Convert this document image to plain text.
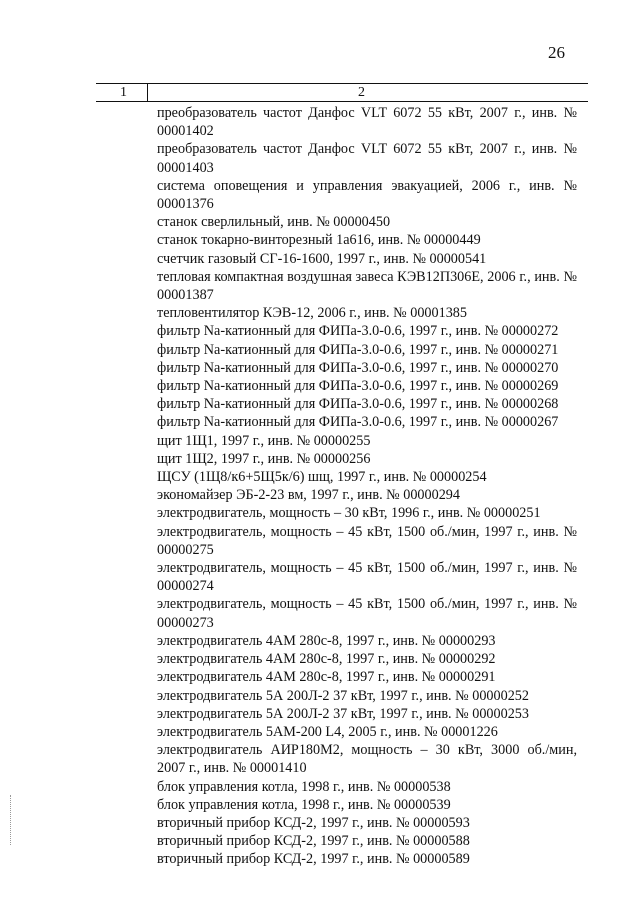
26
1	2
преобразователь частот Данфос VLT 6072 55 кВт, 2007 г., инв. № 00001402
преобразователь частот Данфос VLT 6072 55 кВт, 2007 г., инв. № 00001403
система оповещения и управления эвакуацией, 2006 г., инв. № 00001376
станок сверлильный, инв. № 00000450
станок токарно-винторезный 1а616, инв. № 00000449
счетчик газовый СГ-16-1600, 1997 г., инв. № 00000541
тепловая компактная воздушная завеса КЭВ12П306Е, 2006 г., инв. № 00001387
тепловентилятор КЭВ-12, 2006 г., инв. № 00001385
фильтр Na-катионный для ФИПа-3.0-0.6, 1997 г., инв. № 00000272
фильтр Na-катионный для ФИПа-3.0-0.6, 1997 г., инв. № 00000271
фильтр Na-катионный для ФИПа-3.0-0.6, 1997 г., инв. № 00000270
фильтр Na-катионный для ФИПа-3.0-0.6, 1997 г., инв. № 00000269
фильтр Na-катионный для ФИПа-3.0-0.6, 1997 г., инв. № 00000268
фильтр Na-катионный для ФИПа-3.0-0.6, 1997 г., инв. № 00000267
щит 1Щ1, 1997 г., инв. № 00000255
щит 1Щ2, 1997 г., инв. № 00000256
ЩСУ (1Щ8/к6+5Щ5к/6) шщ, 1997 г., инв. № 00000254
экономайзер ЭБ-2-23 вм, 1997 г., инв. № 00000294
электродвигатель, мощность – 30 кВт, 1996 г., инв. № 00000251
электродвигатель, мощность – 45 кВт, 1500 об./мин, 1997 г., инв. № 00000275
электродвигатель, мощность – 45 кВт, 1500 об./мин, 1997 г., инв. № 00000274
электродвигатель, мощность – 45 кВт, 1500 об./мин, 1997 г., инв. № 00000273
электродвигатель 4АМ 280с-8, 1997 г., инв. № 00000293
электродвигатель 4АМ 280с-8, 1997 г., инв. № 00000292
электродвигатель 4АМ 280с-8, 1997 г., инв. № 00000291
электродвигатель 5А 200Л-2 37 кВт, 1997 г., инв. № 00000252
электродвигатель 5А 200Л-2 37 кВт, 1997 г., инв. № 00000253
электродвигатель 5АМ-200 L4, 2005 г., инв. № 00001226
электродвигатель АИР180М2, мощность – 30 кВт, 3000 об./мин, 2007 г., инв. № 00001410
блок управления котла, 1998 г., инв. № 00000538
блок управления котла, 1998 г., инв. № 00000539
вторичный прибор КСД-2, 1997 г., инв. № 00000593
вторичный прибор КСД-2, 1997 г., инв. № 00000588
вторичный прибор КСД-2, 1997 г., инв. № 00000589
